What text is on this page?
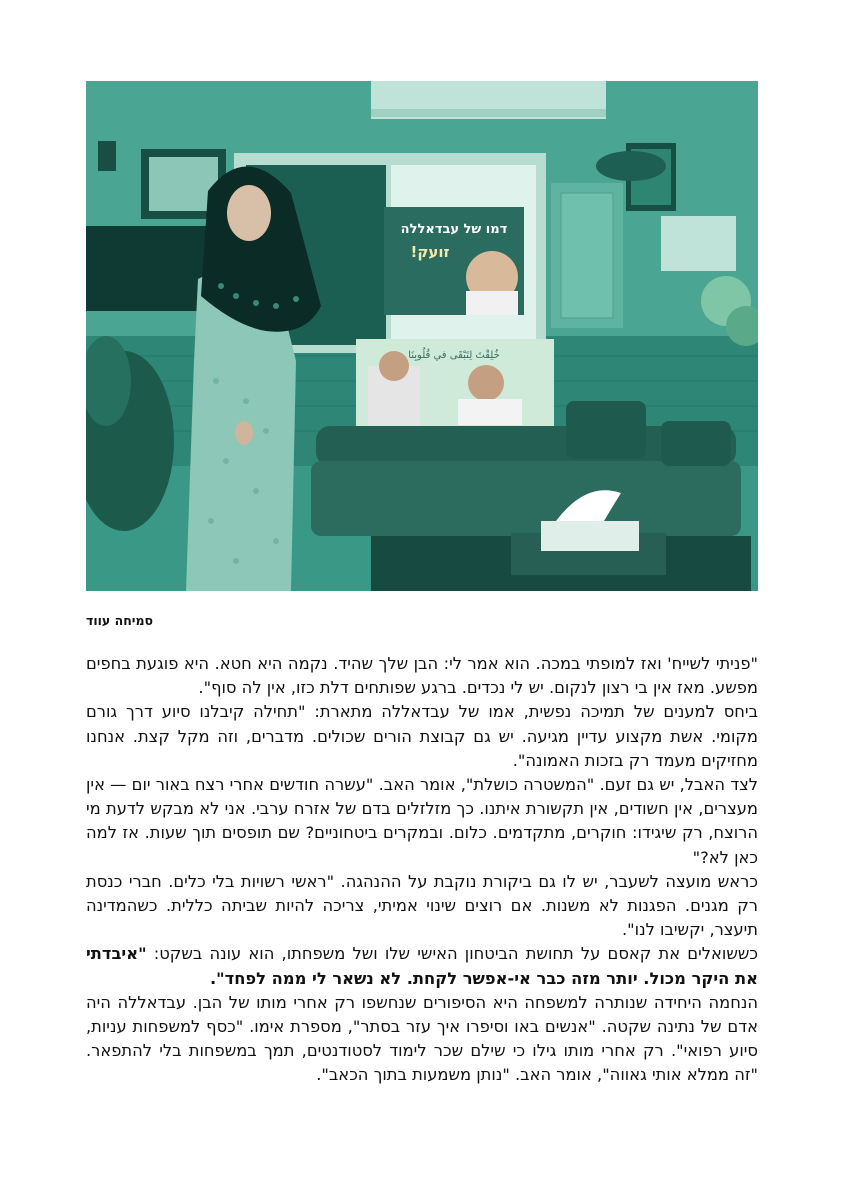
דמו של עבדאללה
זועק!
خُلِقْتَ لِتَبْقَى في قُلُوبِنَا
סמיחה עווד

"פניתי לשייח' ואז למופתי במכה. הוא אמר לי: הבן שלך שהיד. נקמה היא חטא. היא פוגעת בחפים מפשע. מאז אין בי רצון לנקום. יש לי נכדים. ברגע שפותחים דלת כזו, אין לה סוף".

ביחס למענים של תמיכה נפשית, אמו של עבדאללה מתארת: "תחילה קיבלנו סיוע דרך גורם מקומי. אשת מקצוע עדיין מגיעה. יש גם קבוצת הורים שכולים. מדברים, וזה מקל קצת. אנחנו מחזיקים מעמד רק בזכות האמונה".

לצד האבל, יש גם זעם. "המשטרה כושלת", אומר האב. "עשרה חודשים אחרי רצח באור יום — אין מעצרים, אין חשודים, אין תקשורת איתנו. כך מזלזלים בדם של אזרח ערבי. אני לא מבקש לדעת מי הרוצח, רק שיגידו: חוקרים, מתקדמים. כלום. ובמקרים ביטחוניים? שם תופסים תוך שעות. אז למה כאן לא?"

כראש מועצה לשעבר, יש לו גם ביקורת נוקבת על ההנהגה. "ראשי רשויות בלי כלים. חברי כנסת רק מגנים. הפגנות לא משנות. אם רוצים שינוי אמיתי, צריכה להיות שביתה כללית. כשהמדינה תיעצר, יקשיבו לנו".

כששואלים את קאסם על תחושת הביטחון האישי שלו ושל משפחתו, הוא עונה בשקט: "איבדתי את היקר מכול. יותר מזה כבר אי-אפשר לקחת. לא נשאר לי ממה לפחד".

הנחמה היחידה שנותרה למשפחה היא הסיפורים שנחשפו רק אחרי מותו של הבן. עבדאללה היה אדם של נתינה שקטה. "אנשים באו וסיפרו איך עזר בסתר", מספרת אימו. "כסף למשפחות עניות, סיוע רפואי". רק אחרי מותו גילו כי שילם שכר לימוד לסטודנטים, תמך במשפחות בלי להתפאר. "זה ממלא אותי גאווה", אומר האב. "נותן משמעות בתוך הכאב".
